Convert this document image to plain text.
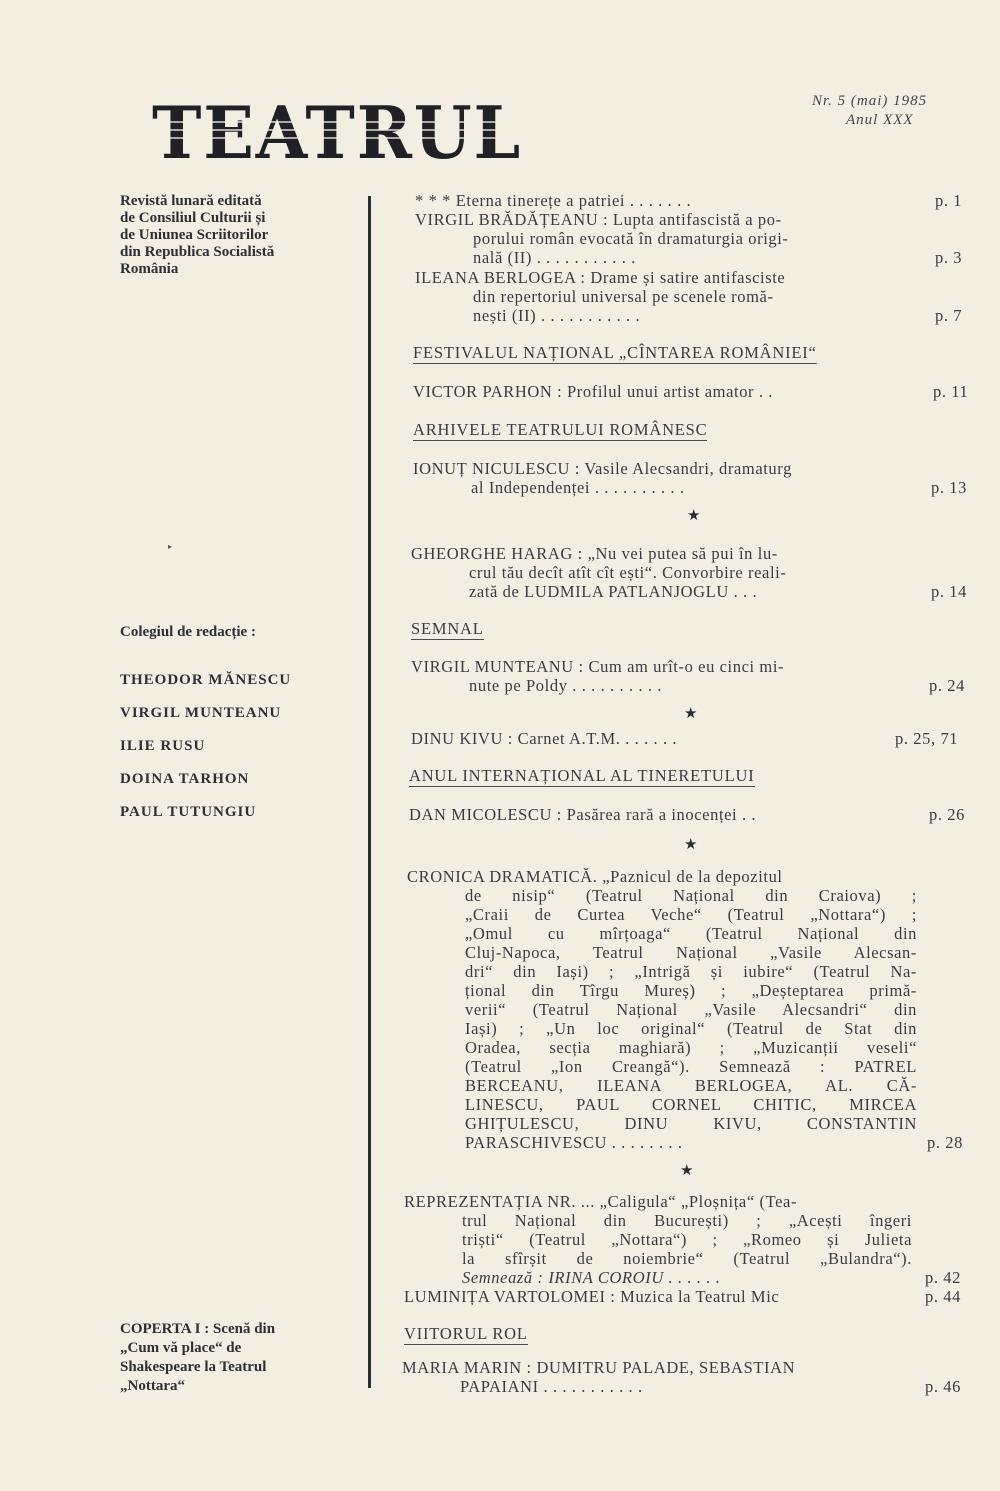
TEATRUL	Nr. 5 (mai) 1985
Anul XXX
Revistă lunară editată
de Consiliul Culturii și
de Uniunea Scriitorilor
din Republica Socialistă
România
▸
Colegiul de redacție :
THEODOR MĂNESCU
VIRGIL MUNTEANU
ILIE RUSU
DOINA TARHON
PAUL TUTUNGIU
COPERTA I : Scenă din
„Cum vă place“ de
Shakespeare la Teatrul
„Nottara“
* * * Eterna tinerețe a patriei . . . . . . .	p. 1
VIRGIL BRĂDĂȚEANU : Lupta antifascistă a po-
porului român evocată în dramaturgia origi-
nală (II) . . . . . . . . . . .	p. 3
ILEANA BERLOGEA : Drame și satire antifasciste
din repertoriul universal pe scenele romă-
nești (II) . . . . . . . . . . .	p. 7
FESTIVALUL NAȚIONAL „CÎNTAREA ROMÂNIEI“
VICTOR PARHON : Profilul unui artist amator . .	p. 11
ARHIVELE TEATRULUI ROMÂNESC
IONUȚ NICULESCU : Vasile Alecsandri, dramaturg
al Independenței . . . . . . . . . .	p. 13
★
GHEORGHE HARAG : „Nu vei putea să pui în lu-
crul tău decît atît cît ești“. Convorbire reali-
zată de LUDMILA PATLANJOGLU . . .	p. 14
SEMNAL
VIRGIL MUNTEANU : Cum am urît-o eu cinci mi-
nute pe Poldy . . . . . . . . . .	p. 24
★
DINU KIVU : Carnet A.T.M. . . . . . .	p. 25, 71
ANUL INTERNAȚIONAL AL TINERETULUI
DAN MICOLESCU : Pasărea rară a inocenței . .	p. 26
★
CRONICA DRAMATICĂ. „Paznicul de la depozitul
de nisip“ (Teatrul Național din Craiova) ;
„Craii de Curtea Veche“ (Teatrul „Nottara“) ;
„Omul cu mîrțoaga“ (Teatrul Național din
Cluj-Napoca, Teatrul Național „Vasile Alecsan-
dri“ din Iași) ; „Intrigă și iubire“ (Teatrul Na-
țional din Tîrgu Mureș) ; „Deșteptarea primă-
verii“ (Teatrul Național „Vasile Alecsandri“ din
Iași) ; „Un loc original“ (Teatrul de Stat din
Oradea, secția maghiară) ; „Muzicanții veseli“
(Teatrul „Ion Creangă“). Semnează : PATREL
BERCEANU, ILEANA BERLOGEA, AL. CĂ-
LINESCU, PAUL CORNEL CHITIC, MIRCEA
GHIȚULESCU, DINU KIVU, CONSTANTIN
PARASCHIVESCU . . . . . . . .	p. 28
★
REPREZENTAȚIA NR. ... „Caligula“ „Ploșnița“ (Tea-
trul Național din București) ; „Acești îngeri
triști“ (Teatrul „Nottara“) ; „Romeo și Julieta
la sfîrșit de noiembrie“ (Teatrul „Bulandra“).
Semnează : IRINA COROIU . . . . . .	p. 42
LUMINIȚA VARTOLOMEI : Muzica la Teatrul Mic	p. 44
VIITORUL ROL
MARIA MARIN : DUMITRU PALADE, SEBASTIAN
PAPAIANI . . . . . . . . . . .	p. 46
